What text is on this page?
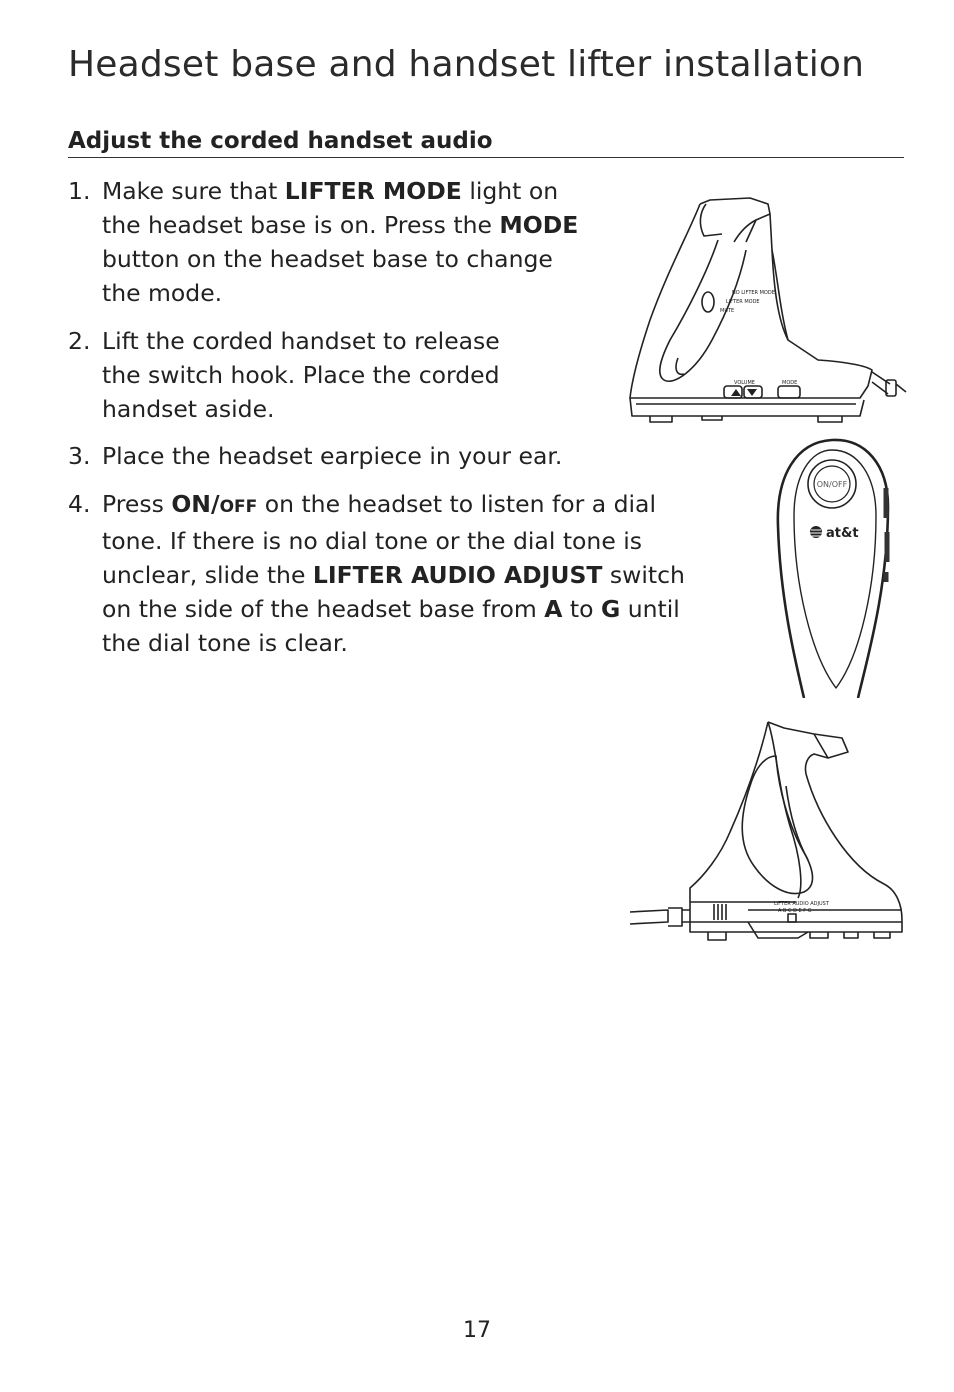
Headset base and handset lifter installation
Adjust the corded handset audio
1. Make sure that LIFTER MODE light on
the headset base is on. Press the MODE
button on the headset base to change
the mode.
2. Lift the corded handset to release
the switch hook. Place the corded
handset aside.
3. Place the headset earpiece in your ear.
4. Press ON/OFF on the headset to listen for a dial
tone. If there is no dial tone or the dial tone is
unclear, slide the LIFTER AUDIO ADJUST switch
on the side of the headset base from A to G until
the dial tone is clear.
NO LIFTER MODE
LIFTER MODE
MUTE
VOLUME	MODE
ON/OFF
at&t
LIFTER AUDIO ADJUST
A B C D E F G
17
